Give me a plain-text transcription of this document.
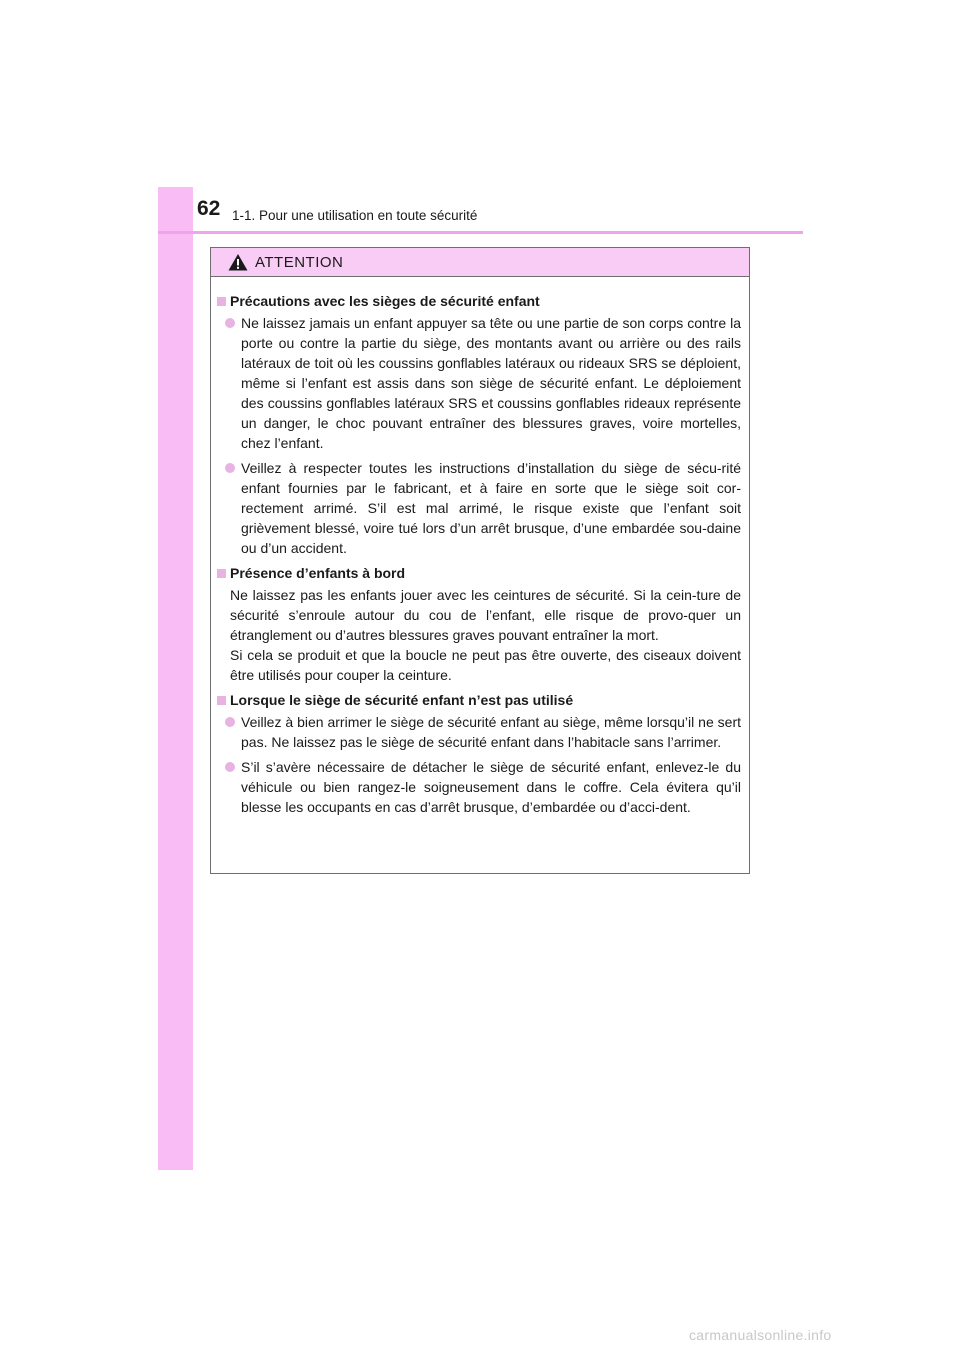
62 1-1. Pour une utilisation en toute sécurité
ATTENTION
Précautions avec les sièges de sécurité enfant
Ne laissez jamais un enfant appuyer sa tête ou une partie de son corps contre la porte ou contre la partie du siège, des montants avant ou arrière ou des rails latéraux de toit où les coussins gonflables latéraux ou rideaux SRS se déploient, même si l’enfant est assis dans son siège de sécurité enfant. Le déploiement des coussins gonflables latéraux SRS et coussins gonflables rideaux représente un danger, le choc pouvant entraîner des blessures graves, voire mortelles, chez l’enfant.
Veillez à respecter toutes les instructions d’installation du siège de sécu-rité enfant fournies par le fabricant, et à faire en sorte que le siège soit cor-rectement arrimé. S’il est mal arrimé, le risque existe que l’enfant soit grièvement blessé, voire tué lors d’un arrêt brusque, d’une embardée sou-daine ou d’un accident.
Présence d’enfants à bord

Ne laissez pas les enfants jouer avec les ceintures de sécurité. Si la cein-ture de sécurité s’enroule autour du cou de l’enfant, elle risque de provo-quer un étranglement ou d’autres blessures graves pouvant entraîner la mort.

Si cela se produit et que la boucle ne peut pas être ouverte, des ciseaux doivent être utilisés pour couper la ceinture.

Lorsque le siège de sécurité enfant n’est pas utilisé
Veillez à bien arrimer le siège de sécurité enfant au siège, même lorsqu’il ne sert pas. Ne laissez pas le siège de sécurité enfant dans l’habitacle sans l’arrimer.
S’il s’avère nécessaire de détacher le siège de sécurité enfant, enlevez-le du véhicule ou bien rangez-le soigneusement dans le coffre. Cela évitera qu’il blesse les occupants en cas d’arrêt brusque, d’embardée ou d’acci-dent.
carmanualsonline.info
